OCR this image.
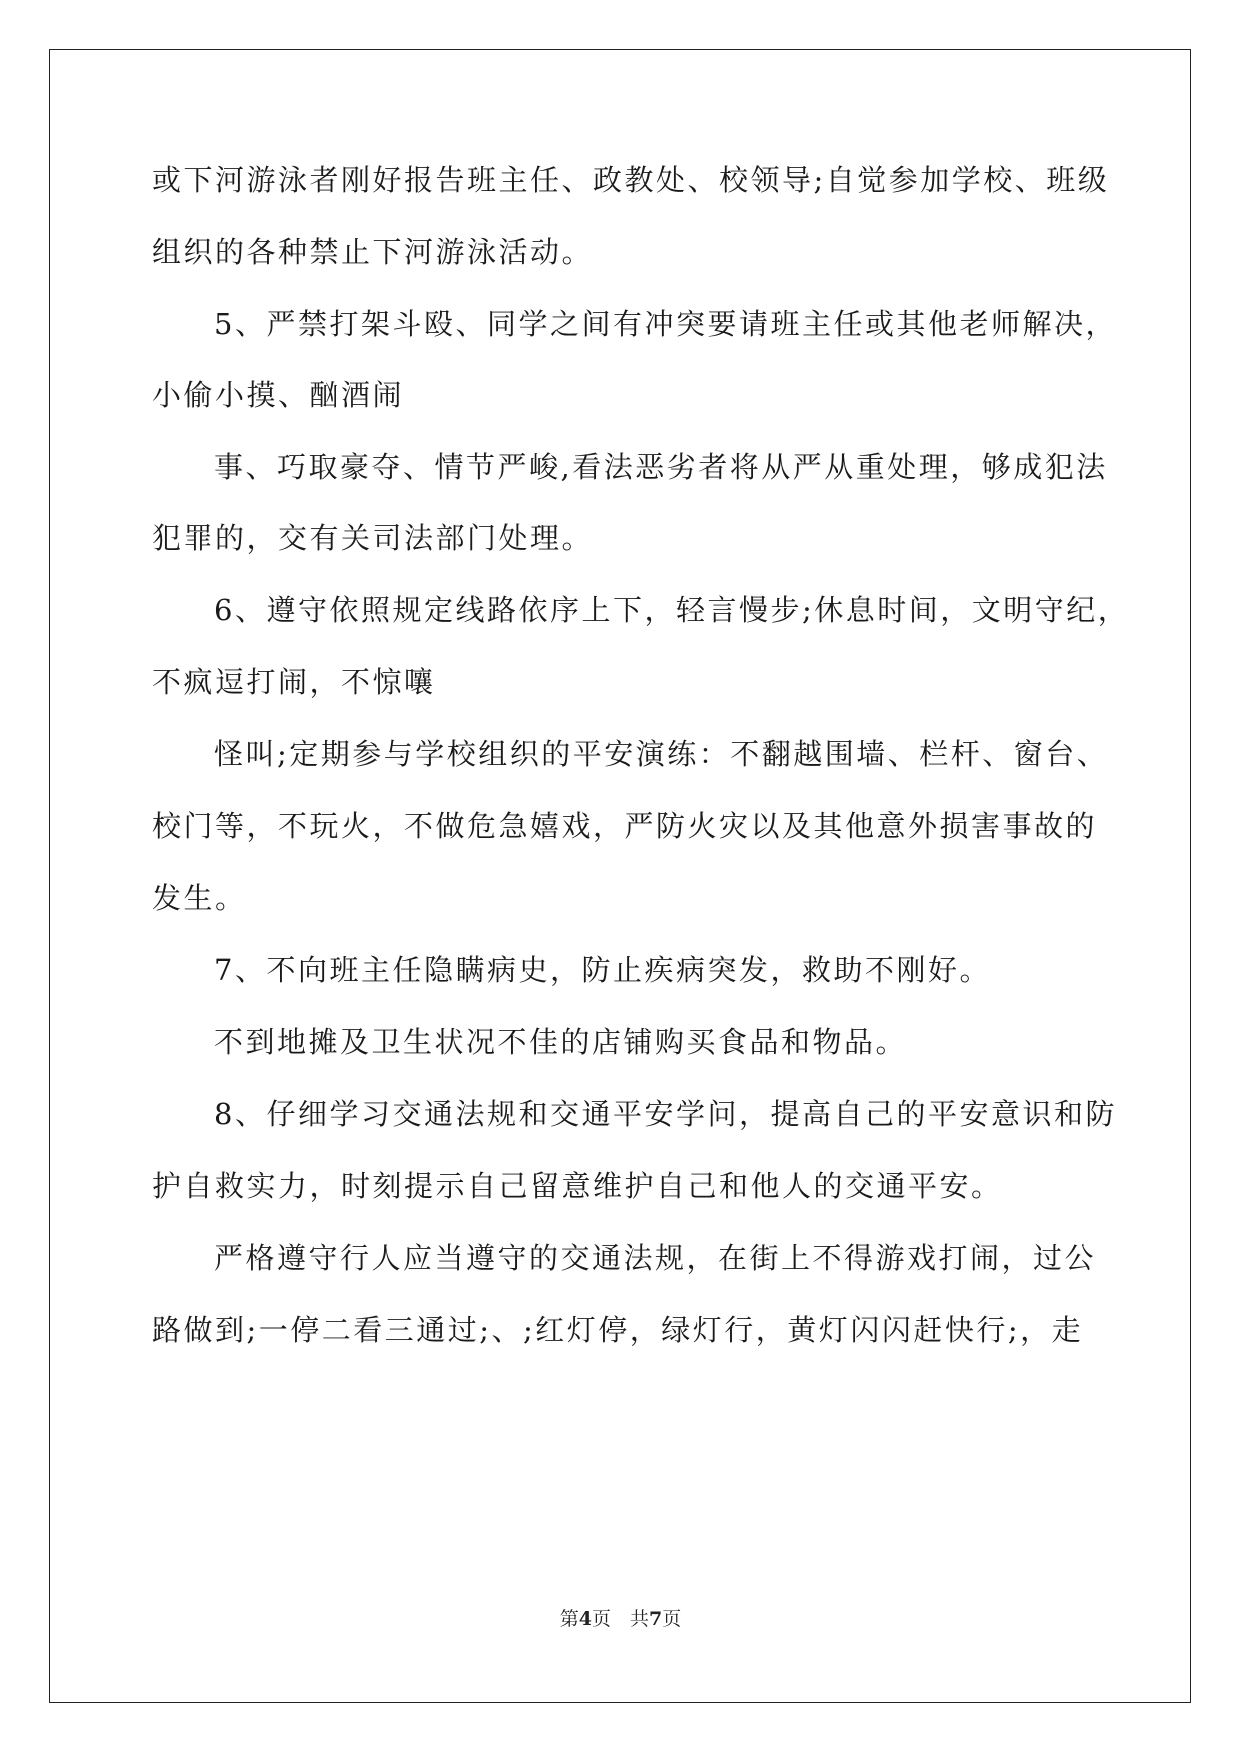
或下河游泳者刚好报告班主任、政教处、校领导;自觉参加学校、班级
组织的各种禁止下河游泳活动。
5、严禁打架斗殴、同学之间有冲突要请班主任或其他老师解决，
小偷小摸、酗酒闹
事、巧取豪夺、情节严峻,看法恶劣者将从严从重处理，够成犯法
犯罪的，交有关司法部门处理。
6、遵守依照规定线路依序上下，轻言慢步;休息时间，文明守纪，
不疯逗打闹，不惊嚷
怪叫;定期参与学校组织的平安演练：不翻越围墙、栏杆、窗台、
校门等，不玩火，不做危急嬉戏，严防火灾以及其他意外损害事故的
发生。
7、不向班主任隐瞒病史，防止疾病突发，救助不刚好。
不到地摊及卫生状况不佳的店铺购买食品和物品。
8、仔细学习交通法规和交通平安学问，提高自己的平安意识和防
护自救实力，时刻提示自己留意维护自己和他人的交通平安。
严格遵守行人应当遵守的交通法规，在街上不得游戏打闹，过公
路做到;一停二看三通过;、;红灯停，绿灯行，黄灯闪闪赶快行;，走
第4页　共7页
